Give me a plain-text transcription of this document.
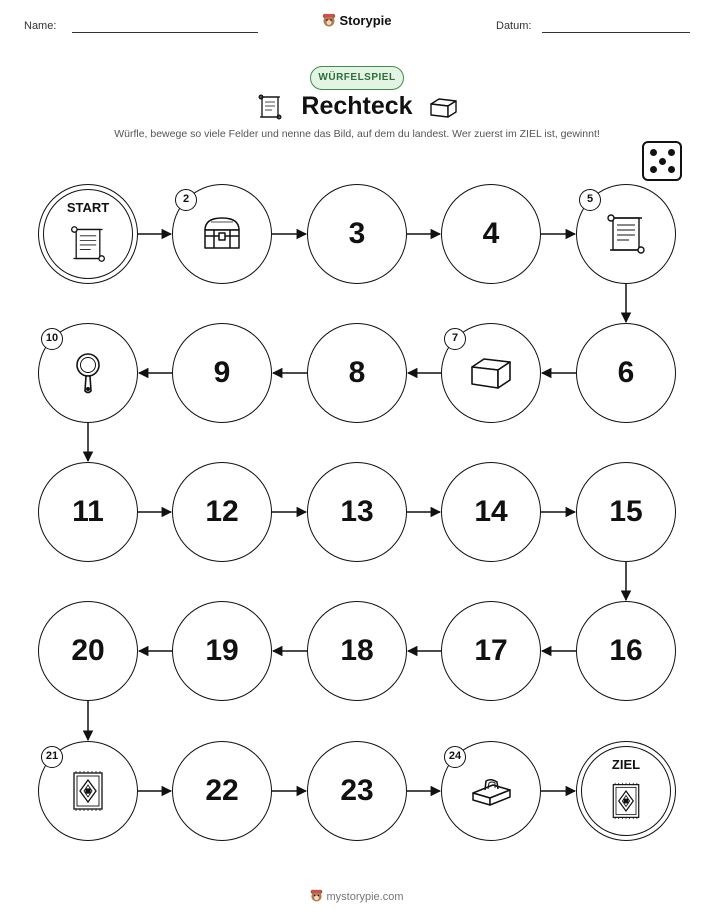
Name:	Storypie	Datum:
WÜRFELSPIEL
Rechteck
Würfle, bewege so viele Felder und nenne das Bild, auf dem du landest. Wer zuerst im ZIEL ist, gewinnt!
START
2
3	4
5
6
7
8
9
10
11	12	13	14	15
16
17
18
19
20
21
22	23
24
ZIEL
mystorypie.com
